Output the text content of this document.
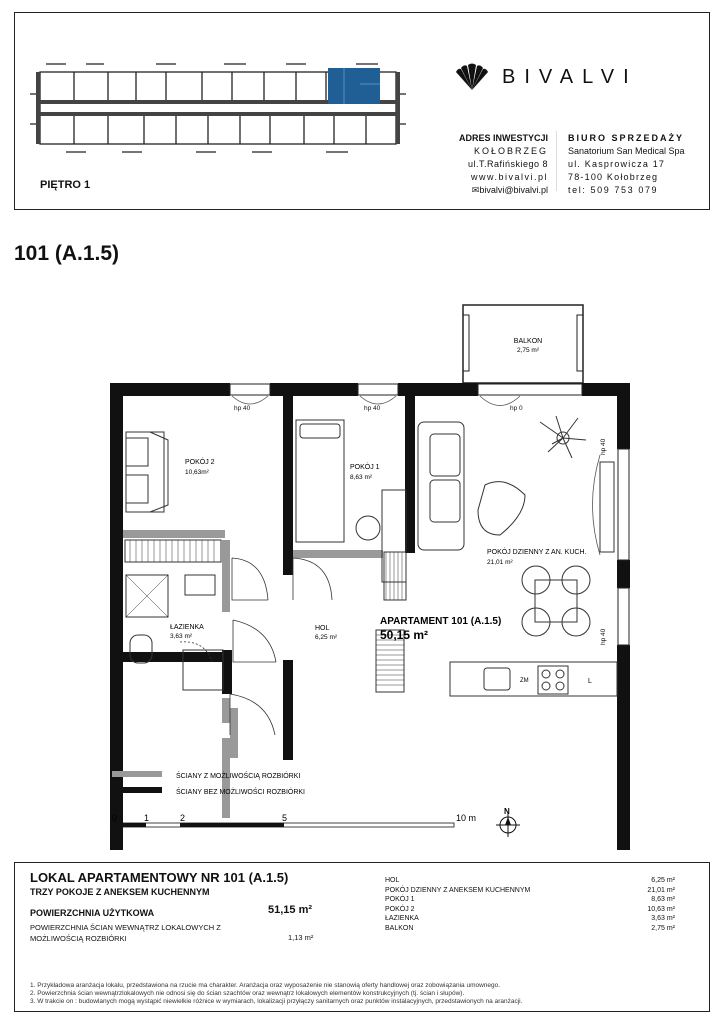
PIĘTRO 1
BIVALVI
ADRES INWESTYCJI
KOŁOBRZEG
ul.T.Rafińskiego 8
www.bivalvi.pl
✉bivalvi@bivalvi.pl
BIURO SPRZEDAŻY
Sanatorium San Medical Spa
ul. Kasprowicza 17
78-100 Kołobrzeg
tel: 509 753 079
101 (A.1.5)
BALKON
2,75 m²
hp 40	hp 40	hp 0
hp 40
hp 40
POKÓJ 2
10,63m²
POKÓJ 1
8,63 m²
POKÓJ DZIENNY Z AN. KUCH.
21,01 m²
ŁAZIENKA
3,63 m²
HOL
6,25 m²
APARTAMENT 101 (A.1.5)
50,15 m²
ZM	L
ŚCIANY Z MOŻLIWOŚCIĄ ROZBIÓRKI
ŚCIANY BEZ MOŻLIWOŚCI ROZBIÓRKI
0	1	2	5	10 m
N
LOKAL APARTAMENTOWY NR 101 (A.1.5)
TRZY POKOJE Z ANEKSEM KUCHENNYM
POWIERZCHNIA UŻYTKOWA	51,15 m²
POWIERZCHNIA ŚCIAN WEWNĄTRZ LOKALOWYCH Z
MOŻLIWOŚCIĄ ROZBIÓRKI	1,13 m²
HOL	6,25 m²
POKÓJ DZIENNY Z ANEKSEM KUCHENNYM	21,01 m²
POKÓJ 1	8,63 m²
POKÓJ 2	10,63 m²
ŁAZIENKA	3,63 m²
BALKON	2,75 m²
1. Przykładowa aranżacja lokalu, przedstawiona na rzucie ma charakter. Aranżacja oraz wyposażenie nie stanowią oferty handlowej oraz zobowiązania umownego.
2. Powierzchnia ścian wewnątrzlokalowych nie odnosi się do ścian szachtów oraz wewnątrz lokalowych elementów konstrukcyjnych (tj. ścian i słupów).
3. W trakcie on : budowlanych mogą wystąpić niewielkie różnice w wymiarach, lokalizacji przyłączy sanitarnych oraz punktów instalacyjnych, przedstawionych na aranżacji.
